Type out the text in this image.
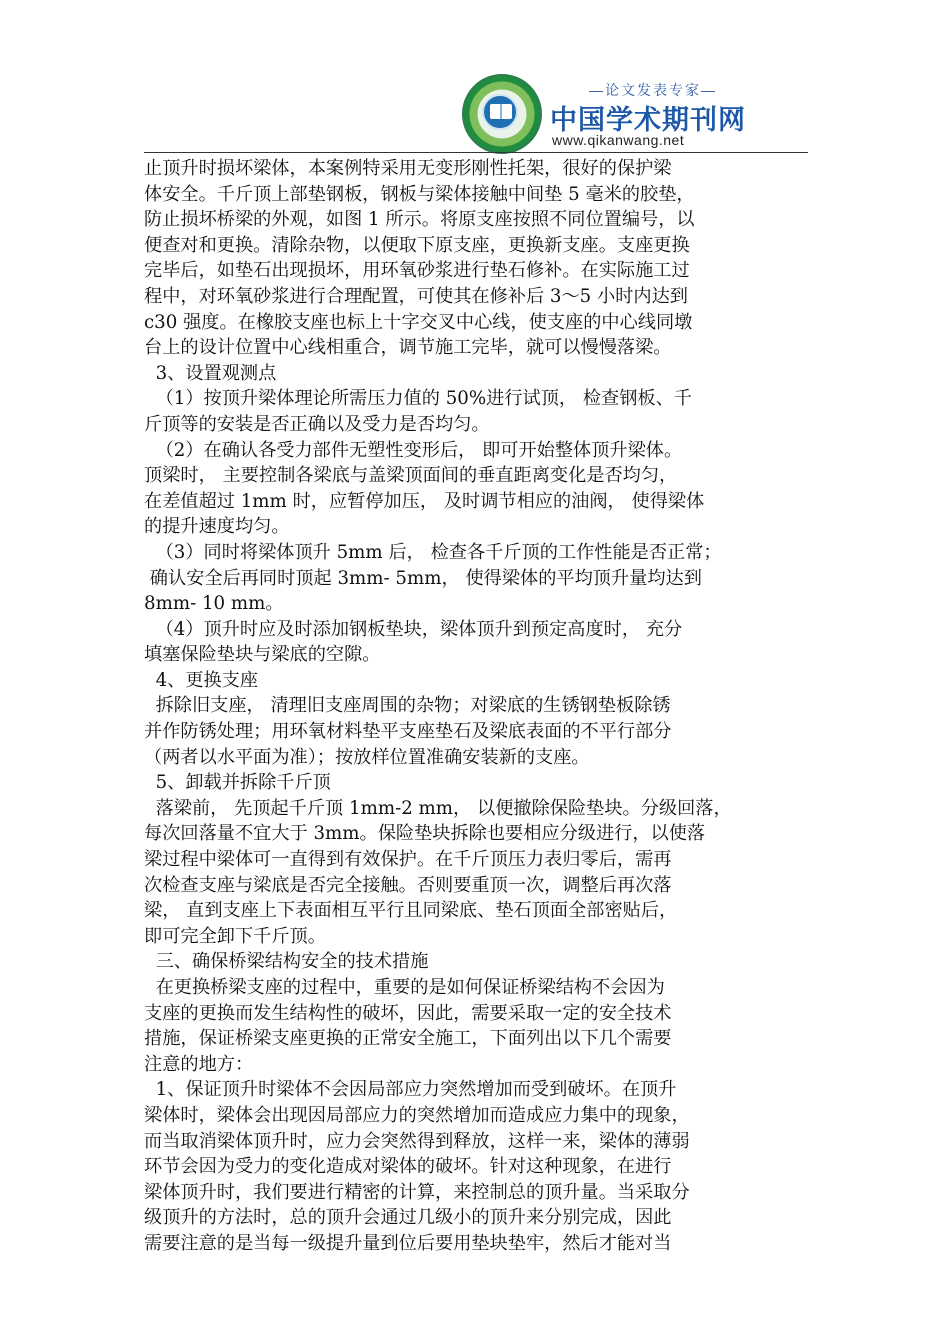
—论文发表专家—
中国学术期刊网
www.qikanwang.net
止顶升时损坏梁体，本案例特采用无变形刚性托架，很好的保护梁
体安全。千斤顶上部垫钢板，钢板与梁体接触中间垫 5 毫米的胶垫，
防止损坏桥梁的外观，如图 1 所示。将原支座按照不同位置编号，以
便查对和更换。清除杂物，以便取下原支座，更换新支座。支座更换
完毕后，如垫石出现损坏，用环氧砂浆进行垫石修补。在实际施工过
程中，对环氧砂浆进行合理配置，可使其在修补后 3～5 小时内达到
c30 强度。在橡胶支座也标上十字交叉中心线，使支座的中心线同墩
台上的设计位置中心线相重合，调节施工完毕，就可以慢慢落梁。
3、设置观测点
（1）按顶升梁体理论所需压力值的 50%进行试顶， 检查钢板、千
斤顶等的安装是否正确以及受力是否均匀。
（2）在确认各受力部件无塑性变形后， 即可开始整体顶升梁体。
顶梁时， 主要控制各梁底与盖梁顶面间的垂直距离变化是否均匀，
在差值超过 1mm 时，应暂停加压， 及时调节相应的油阀， 使得梁体
的提升速度均匀。
（3）同时将梁体顶升 5mm 后， 检查各千斤顶的工作性能是否正常；
确认安全后再同时顶起 3mm- 5mm， 使得梁体的平均顶升量均达到
8mm- 10 mm。
（4）顶升时应及时添加钢板垫块，梁体顶升到预定高度时， 充分
填塞保险垫块与梁底的空隙。
4、更换支座
拆除旧支座， 清理旧支座周围的杂物；对梁底的生锈钢垫板除锈
并作防锈处理；用环氧材料垫平支座垫石及梁底表面的不平行部分
（两者以水平面为准）；按放样位置准确安装新的支座。
5、卸载并拆除千斤顶
落梁前， 先顶起千斤顶 1mm-2 mm， 以便撤除保险垫块。分级回落，
每次回落量不宜大于 3mm。保险垫块拆除也要相应分级进行，以使落
梁过程中梁体可一直得到有效保护。在千斤顶压力表归零后，需再
次检查支座与梁底是否完全接触。否则要重顶一次，调整后再次落
梁， 直到支座上下表面相互平行且同梁底、垫石顶面全部密贴后，
即可完全卸下千斤顶。
三、确保桥梁结构安全的技术措施
在更换桥梁支座的过程中，重要的是如何保证桥梁结构不会因为
支座的更换而发生结构性的破坏，因此，需要采取一定的安全技术
措施，保证桥梁支座更换的正常安全施工，下面列出以下几个需要
注意的地方：
1、保证顶升时梁体不会因局部应力突然增加而受到破坏。在顶升
梁体时，梁体会出现因局部应力的突然增加而造成应力集中的现象，
而当取消梁体顶升时，应力会突然得到释放，这样一来，梁体的薄弱
环节会因为受力的变化造成对梁体的破坏。针对这种现象，在进行
梁体顶升时，我们要进行精密的计算，来控制总的顶升量。当采取分
级顶升的方法时，总的顶升会通过几级小的顶升来分别完成，因此
需要注意的是当每一级提升量到位后要用垫块垫牢，然后才能对当
